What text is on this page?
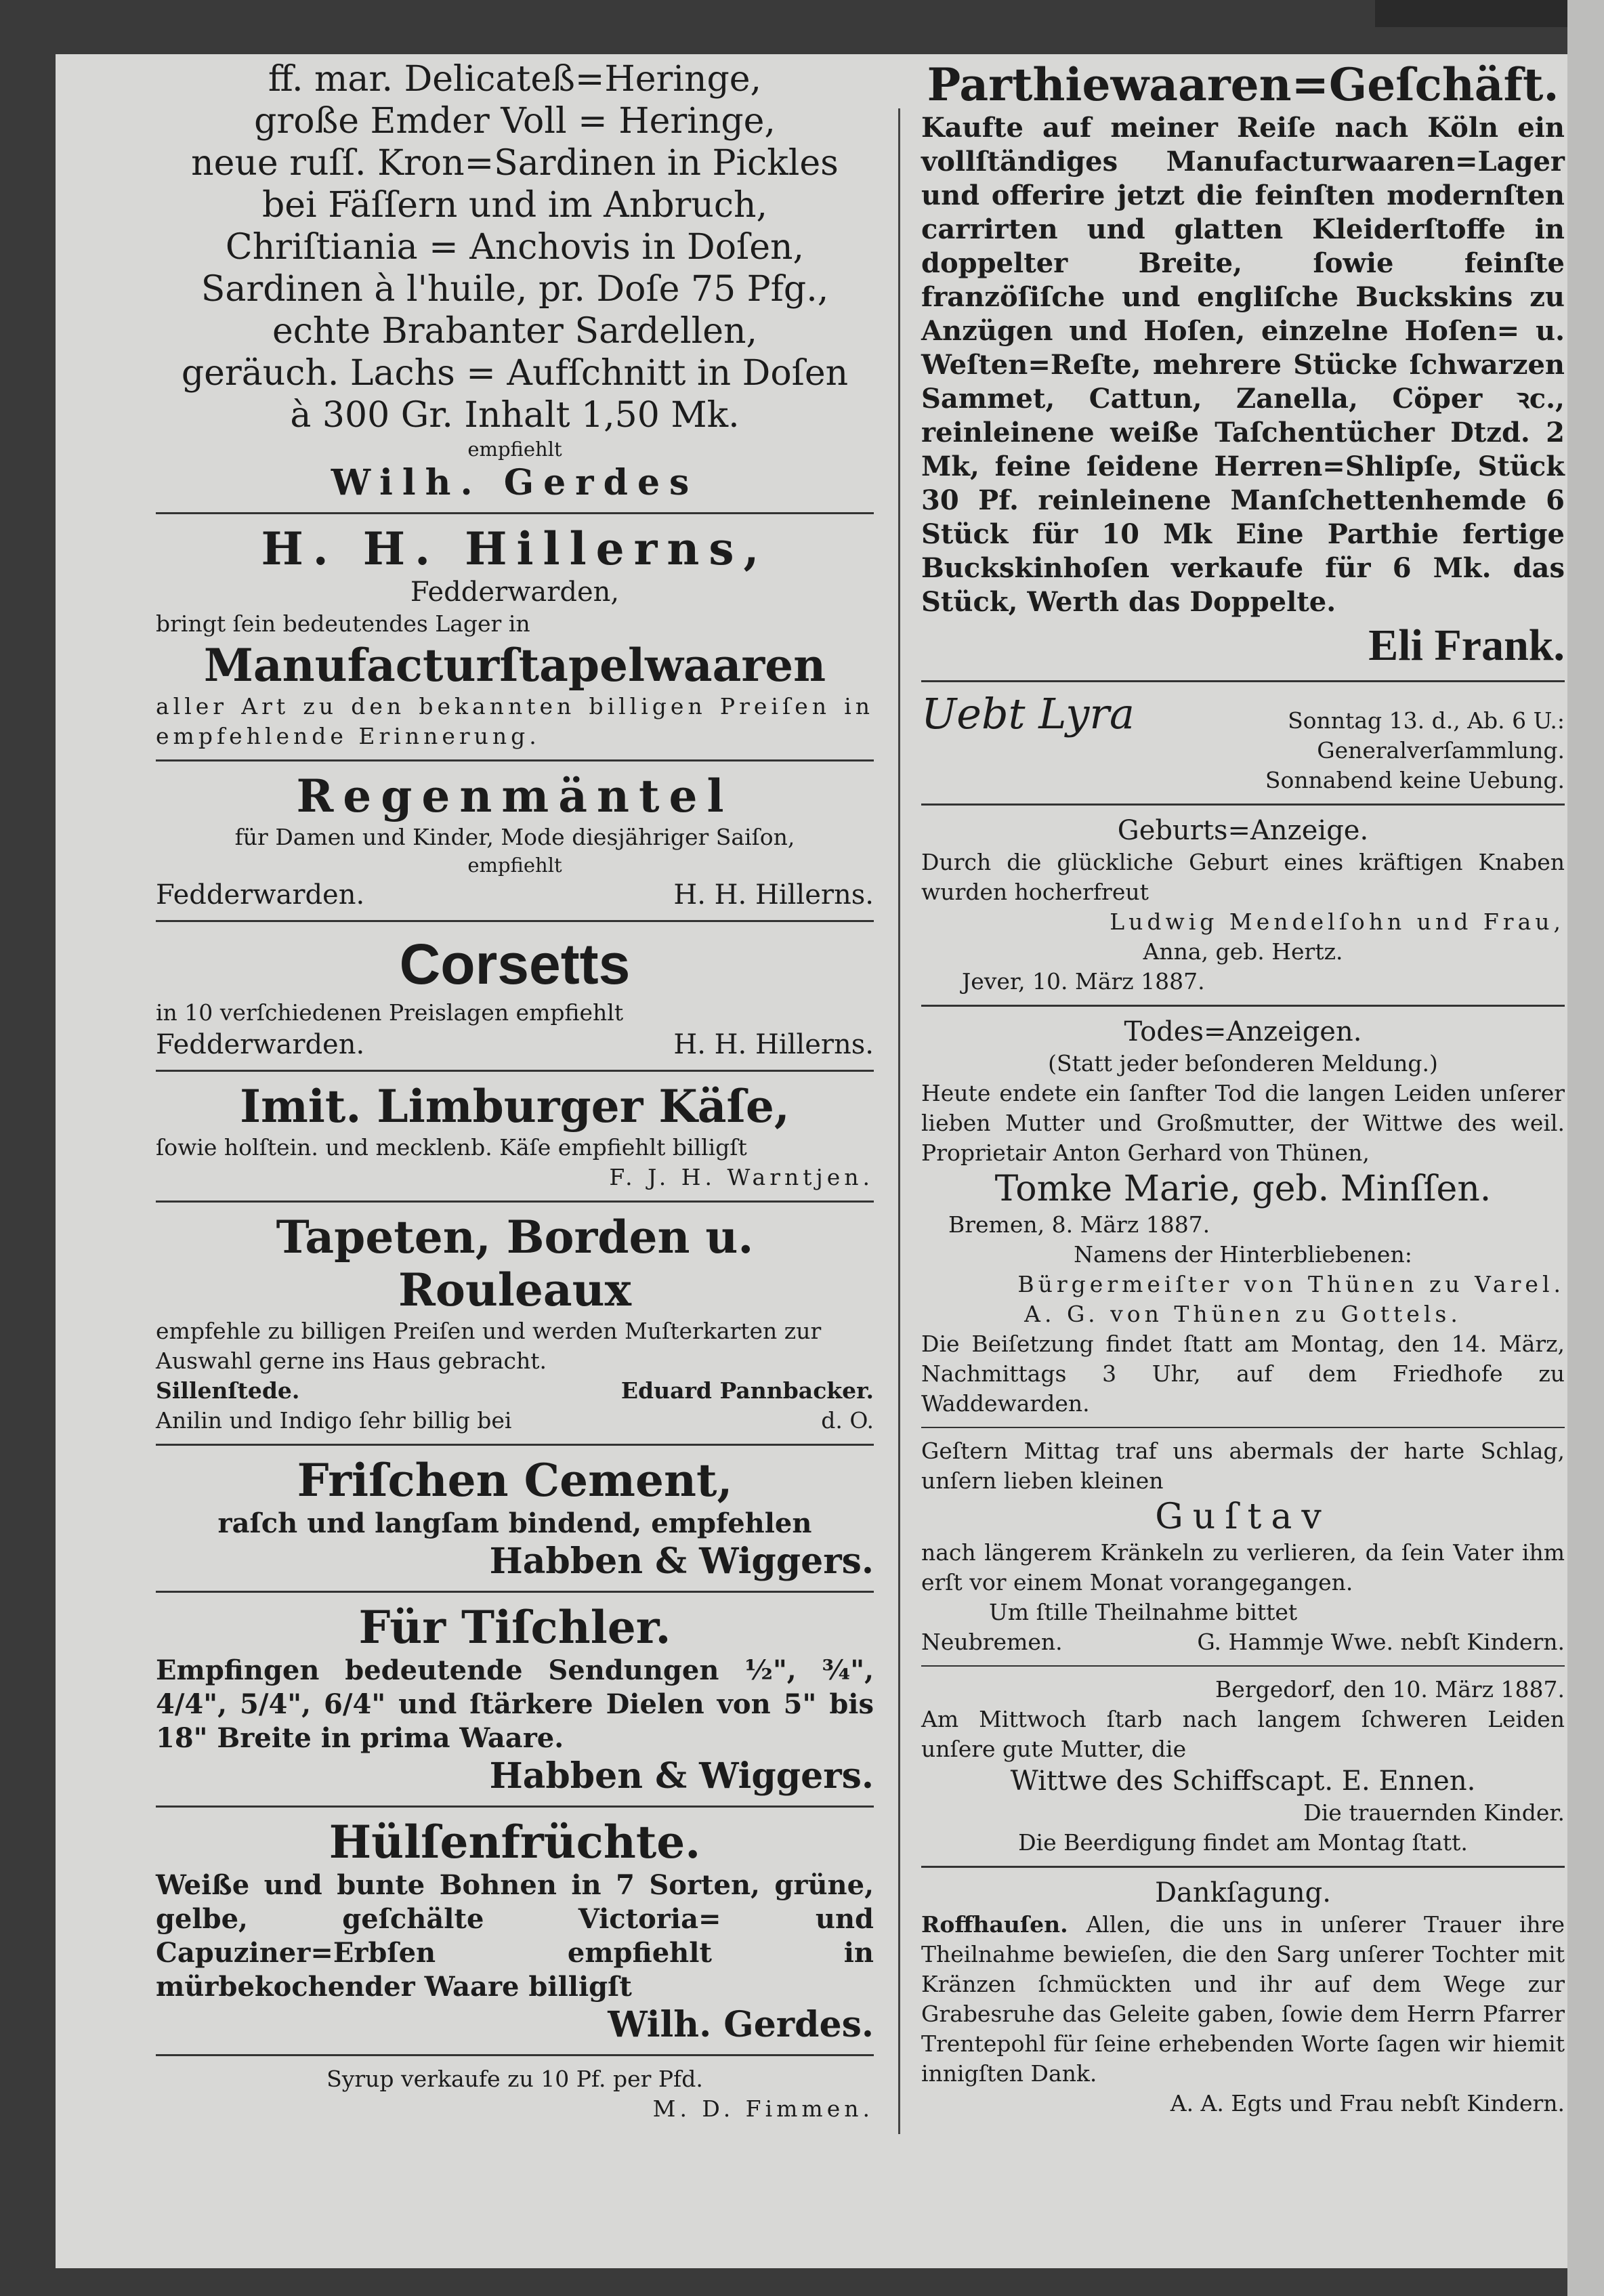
ff. mar. Delicateß=Heringe,

große Emder Voll = Heringe,

neue ruſſ. Kron=Sardinen in Pickles

bei Fäſſern und im Anbruch,

Chriſtiania = Anchovis in Doſen,

Sardinen à l'huile, pr. Doſe 75 Pfg.,

echte Brabanter Sardellen,

geräuch. Lachs = Aufſchnitt in Doſen

à 300 Gr. Inhalt 1,50 Mk.

empfiehlt

Wilh. Gerdes

H. H. Hillerns,

Fedderwarden,

bringt ſein bedeutendes Lager in

Manufacturſtapelwaaren

aller Art zu den bekannten billigen Preiſen in empfehlende Erinnerung.

Regenmäntel

für Damen und Kinder, Mode diesjähriger Saiſon,

empfiehlt

Fedderwarden.	H. H. Hillerns.

Corsetts

in 10 verſchiedenen Preislagen empfiehlt

Fedderwarden.	H. H. Hillerns.

Imit. Limburger Käſe,

ſowie holſtein. und mecklenb. Käſe empfiehlt billigſt

F. J. H. Warntjen.

Tapeten, Borden u. Rouleaux

empfehle zu billigen Preiſen und werden Muſterkarten zur Auswahl gerne ins Haus gebracht.

Sillenſtede.	Eduard Pannbacker.
Anilin und Indigo ſehr billig bei	d. O.

Friſchen Cement,

raſch und langſam bindend, empfehlen

Habben & Wiggers.

Für Tiſchler.

Empfingen bedeutende Sendungen ½", ¾", 4/4", 5/4", 6/4" und ſtärkere Dielen von 5" bis 18" Breite in prima Waare.

Habben & Wiggers.

Hülſenfrüchte.

Weiße und bunte Bohnen in 7 Sorten, grüne, gelbe, geſchälte Victoria= und Capuziner=Erbſen empfiehlt in mürbekochender Waare billigſt

Wilh. Gerdes.

Syrup verkaufe zu 10 Pf. per Pfd.

M. D. Fimmen.

Parthiewaaren=Geſchäft.

Kaufte auf meiner Reiſe nach Köln ein vollſtändiges Manufacturwaaren=Lager und offerire jetzt die feinſten modernſten carrirten und glatten Kleiderſtoffe in doppelter Breite, ſowie feinſte franzöſiſche und engliſche Buckskins zu Anzügen und Hoſen, einzelne Hoſen= u. Weſten=Reſte, mehrere Stücke ſchwarzen Sammet, Cattun, Zanella, Cöper ꝛc., reinleinene weiße Taſchentücher Dtzd. 2 Mk, feine ſeidene Herren=Shlipſe, Stück 30 Pf. reinleinene Manſchettenhemde 6 Stück für 10 Mk Eine Parthie fertige Buckskinhoſen verkaufe für 6 Mk. das Stück, Werth das Doppelte.

Eli Frank.

Uebt Lyra	Sonntag 13. d., Ab. 6 U.:

Generalverſammlung.

Sonnabend keine Uebung.

Geburts=Anzeige.

Durch die glückliche Geburt eines kräftigen Knaben wurden hocherfreut

Ludwig Mendelſohn und Frau,

Anna, geb. Hertz.

Jever, 10. März 1887.

Todes=Anzeigen.

(Statt jeder beſonderen Meldung.)

Heute endete ein ſanfter Tod die langen Leiden unſerer lieben Mutter und Großmutter, der Wittwe des weil. Proprietair Anton Gerhard von Thünen,

Tomke Marie, geb. Minſſen.

Bremen, 8. März 1887.

Namens der Hinterbliebenen:

Bürgermeiſter von Thünen zu Varel.

A. G. von Thünen zu Gottels.

Die Beiſetzung findet ſtatt am Montag, den 14. März, Nachmittags 3 Uhr, auf dem Friedhofe zu Waddewarden.

Geſtern Mittag traf uns abermals der harte Schlag, unſern lieben kleinen

Guſtav

nach längerem Kränkeln zu verlieren, da ſein Vater ihm erſt vor einem Monat vorangegangen.

Um ſtille Theilnahme bittet

Neubremen.	G. Hammje Wwe. nebſt Kindern.

Bergedorf, den 10. März 1887.

Am Mittwoch ſtarb nach langem ſchweren Leiden unſere gute Mutter, die

Wittwe des Schiffscapt. E. Ennen.

Die trauernden Kinder.

Die Beerdigung findet am Montag ſtatt.

Dankſagung.

Roffhauſen. Allen, die uns in unſerer Trauer ihre Theilnahme bewieſen, die den Sarg unſerer Tochter mit Kränzen ſchmückten und ihr auf dem Wege zur Grabesruhe das Geleite gaben, ſowie dem Herrn Pfarrer Trentepohl für ſeine erhebenden Worte ſagen wir hiemit innigſten Dank.

A. A. Egts und Frau nebſt Kindern.
